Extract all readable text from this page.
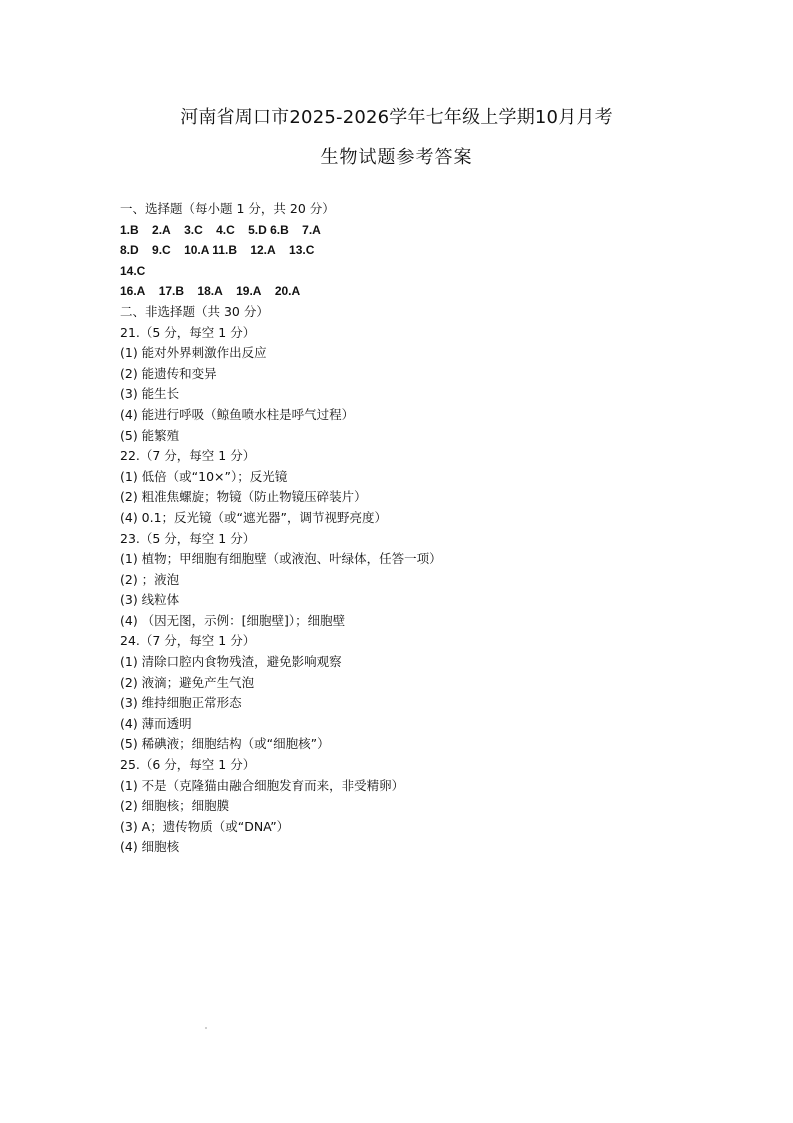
河南省周口市2025-2026学年七年级上学期10月月考
生物试题参考答案
一、选择题（每小题 1 分，共 20 分）
1.B 2.A 3.C 4.C 5.D 6.B 7.A
8.D 9.C 10.A 11.B 12.A 13.C
14.C
16.A 17.B 18.A 19.A 20.A
二、非选择题（共 30 分）
21.（5 分，每空 1 分）
(1) 能对外界刺激作出反应
(2) 能遗传和变异
(3) 能生长
(4) 能进行呼吸（鲸鱼喷水柱是呼气过程）
(5) 能繁殖
22.（7 分，每空 1 分）
(1) 低倍（或“10×”）；反光镜
(2) 粗准焦螺旋；物镜（防止物镜压碎装片）
(4) 0.1；反光镜（或“遮光器”，调节视野亮度）
23.（5 分，每空 1 分）
(1) 植物；甲细胞有细胞壁（或液泡、叶绿体，任答一项）
(2) ；液泡
(3) 线粒体
(4) （因无图，示例：[细胞壁]）；细胞壁
24.（7 分，每空 1 分）
(1) 清除口腔内食物残渣，避免影响观察
(2) 液滴；避免产生气泡
(3) 维持细胞正常形态
(4) 薄而透明
(5) 稀碘液；细胞结构（或“细胞核”）
25.（6 分，每空 1 分）
(1) 不是（克隆猫由融合细胞发育而来，非受精卵）
(2) 细胞核；细胞膜
(3) A；遗传物质（或“DNA”）
(4) 细胞核
